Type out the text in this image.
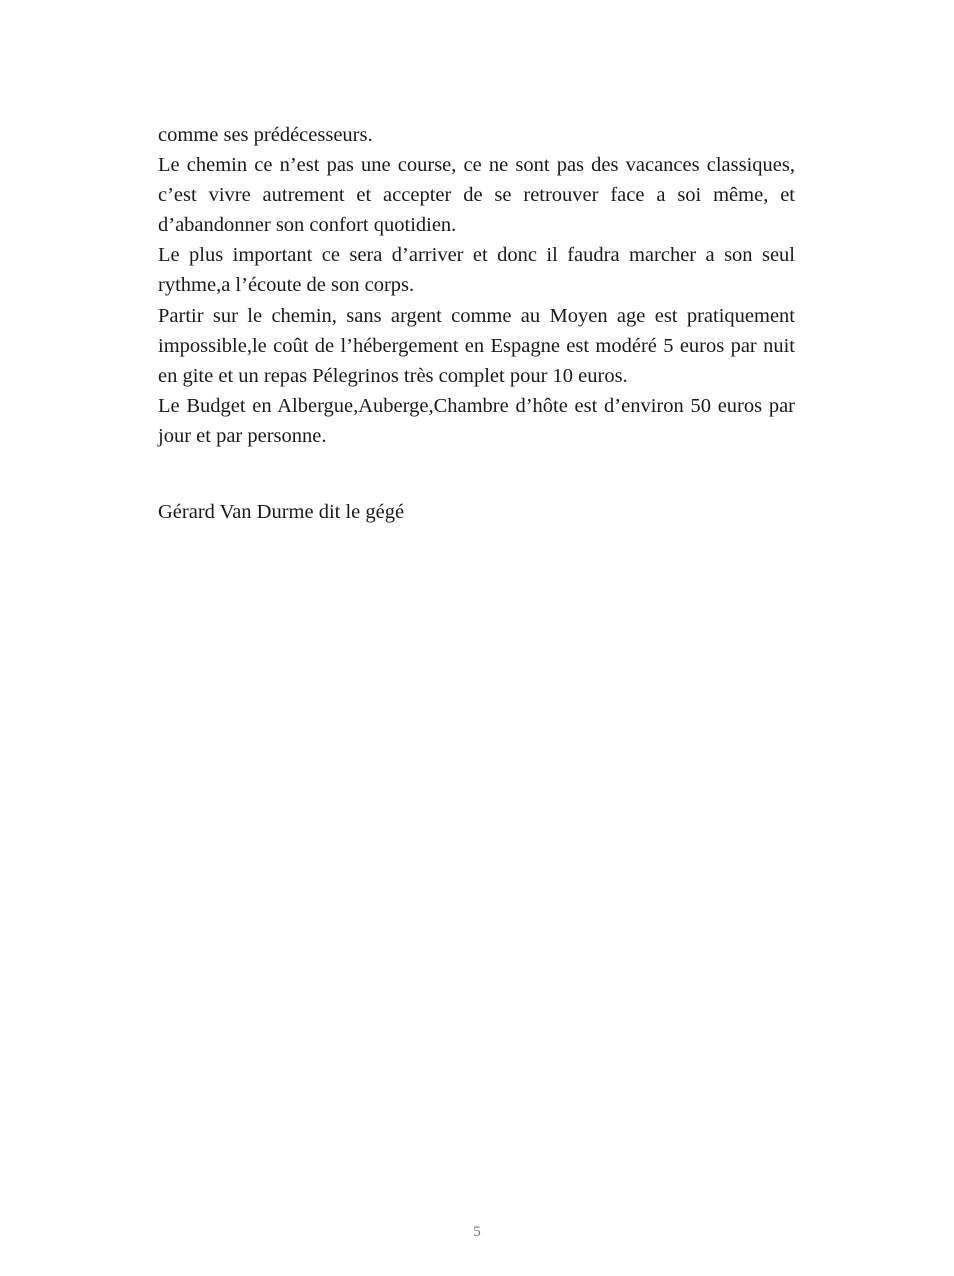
comme ses prédécesseurs.

Le chemin ce n’est pas une course, ce ne sont pas des vacances classiques, c’est vivre autrement et accepter de se retrouver face a soi même, et d’abandonner son confort quotidien.

Le plus important ce sera d’arriver et donc il faudra marcher a son seul rythme,a l’écoute de son corps.

Partir sur le chemin, sans argent comme au Moyen age est pratiquement impossible,le coût de l’hébergement en Espagne est modéré 5 euros par nuit en gite et un repas Pélegrinos très complet pour 10 euros.

Le Budget en Albergue,Auberge,Chambre d’hôte est d’environ 50 euros par jour et par personne.

Gérard Van Durme dit le gégé
5
